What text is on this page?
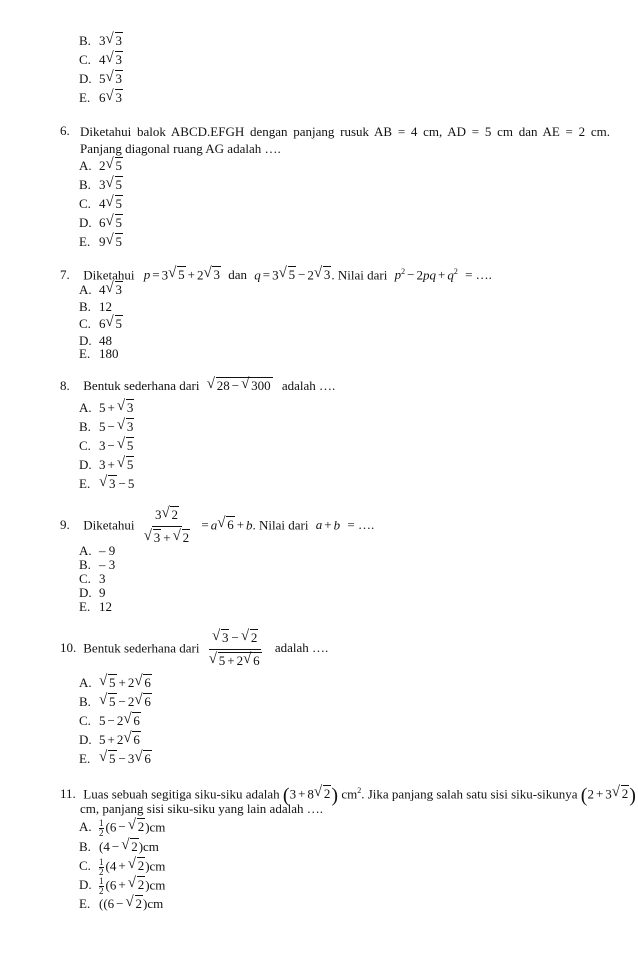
B. 3 √ 3
C. 4 √ 3
D. 5 √ 3
E. 6 √ 3
6. Diketahui balok ABCD.EFGH dengan panjang rusuk AB = 4 cm, AD = 5 cm dan AE = 2 cm. Panjang diagonal ruang AG adalah ….
A. 2 √ 5
B. 3 √ 5
C. 4 √ 5
D. 6 √ 5
E. 9 √ 5
7. Diketahui p = 3 √ 5 + 2 √ 3 dan q = 3 √ 5 − 2 √ 3. Nilai dari $p^2 - 2pq + q^2$ = ….
A. 4 √ 3
B. 12
C. 6 √ 5
D. 48
E. 180
8. Bentuk sederhana dari √ 28 − √ 300 adalah ….
A. 5 + √ 3
B. 5 − √ 3
C. 3 − √ 5
D. 3 + √ 5
E. √ 3 − 5
9. Diketahui $\frac{3 √ 2}{√ 3 + √ 2} = a$ √ 6 + b. Nilai dari a + b = ….
A. – 9
B. – 3
C. 3
D. 9
E. 12
10. Bentuk sederhana dari $\frac{√ 3 - √ 2}{√ 5 + 2 √ 6}$ adalah ….
A. √ 5 + 2 √ 6
B. √ 5 − 2 √ 6
C. 5 − 2 √ 6
D. 5 + 2 √ 6
E. √ 5 − 3 √ 6
11. Luas sebuah segitiga siku-siku adalah (3 + 8 √ 2) $cm^2$. Jika panjang salah satu sisi siku-sikunya (2 + 3 √ 2)
cm, panjang sisi siku-siku yang lain adalah ….
A. $\frac{1}{2} (6$ − √ 2)cm
B. (4 − √ 2)cm
C. $\frac{1}{2} (4$ + √ 2)cm
D. $\frac{1}{2} (6$ + √ 2)cm
E. ((6 − √ 2)cm
